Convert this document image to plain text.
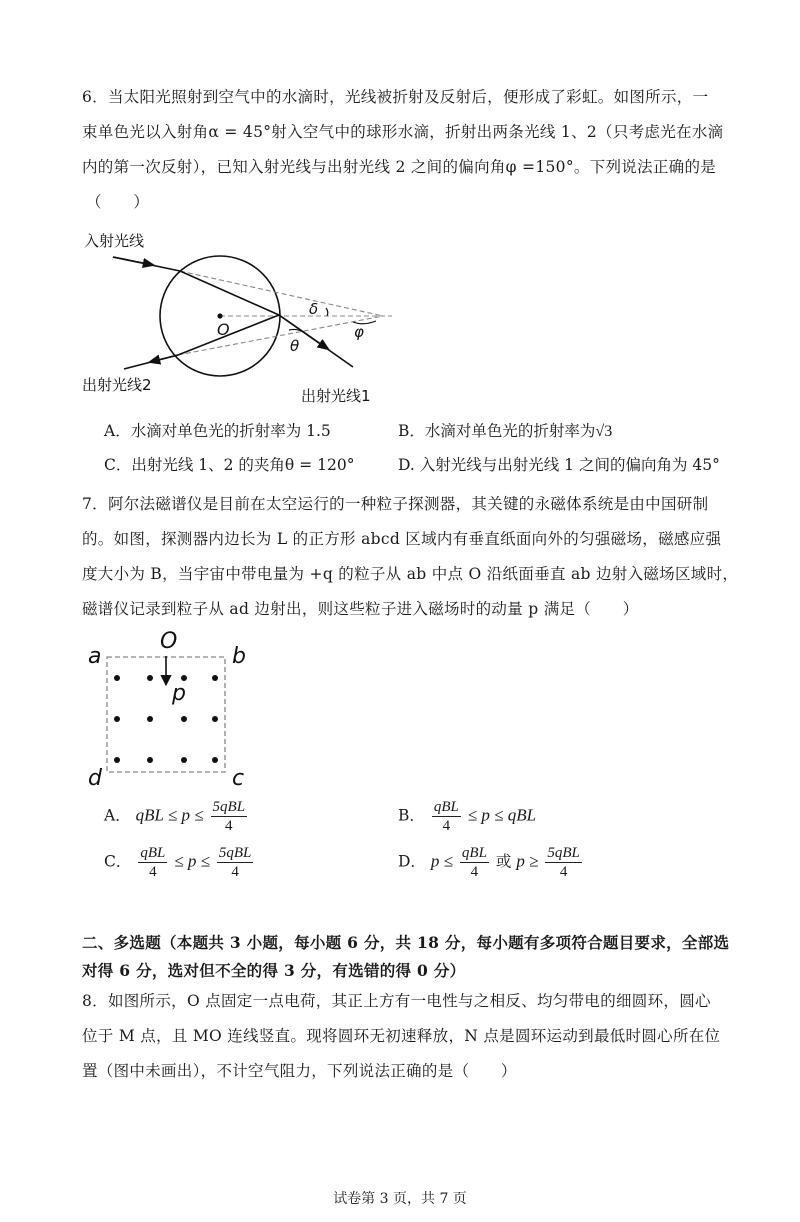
6．当太阳光照射到空气中的水滴时，光线被折射及反射后，便形成了彩虹。如图所示，一
束单色光以入射角α = 45°射入空气中的球形水滴，折射出两条光线 1、2（只考虑光在水滴
内的第一次反射），已知入射光线与出射光线 2 之间的偏向角φ =150°。下列说法正确的是
（　　）
入射光线
出射光线2
出射光线1
O
δ
φ
θ
A．水滴对单色光的折射率为 1.5	B．水滴对单色光的折射率为√3
C．出射光线 1、2 的夹角θ = 120°	D. 入射光线与出射光线 1 之间的偏向角为 45°
7．阿尔法磁谱仪是目前在太空运行的一种粒子探测器，其关键的永磁体系统是由中国研制
的。如图，探测器内边长为 L 的正方形 abcd 区域内有垂直纸面向外的匀强磁场，磁感应强
度大小为 B，当宇宙中带电量为 +q 的粒子从 ab 中点 O 沿纸面垂直 ab 边射入磁场区域时，
磁谱仪记录到粒子从 ad 边射出，则这些粒子进入磁场时的动量 p 满足（　　）
O
a	b
d	c
p
A． qBL ≤ $p \le \frac{\text{5qBL}}{4}$	B． $\frac{\text{qBL}}{4} \le p$ ≤ qBL
C． $\frac{\text{qBL}}{4} \le p \le \frac{\text{5qBL}}{4}$	D． $p \le \frac{\text{qBL}}{4}$ 或 $p \ge \frac{\text{5qBL}}{4}$
二、多选题（本题共 3 小题，每小题 6 分，共 18 分，每小题有多项符合题目要求，全部选
对得 6 分，选对但不全的得 3 分，有选错的得 0 分）
8．如图所示，O 点固定一点电荷，其正上方有一电性与之相反、均匀带电的细圆环，圆心
位于 M 点，且 MO 连线竖直。现将圆环无初速释放，N 点是圆环运动到最低时圆心所在位
置（图中未画出），不计空气阻力，下列说法正确的是（　　）
试卷第 3 页，共 7 页
